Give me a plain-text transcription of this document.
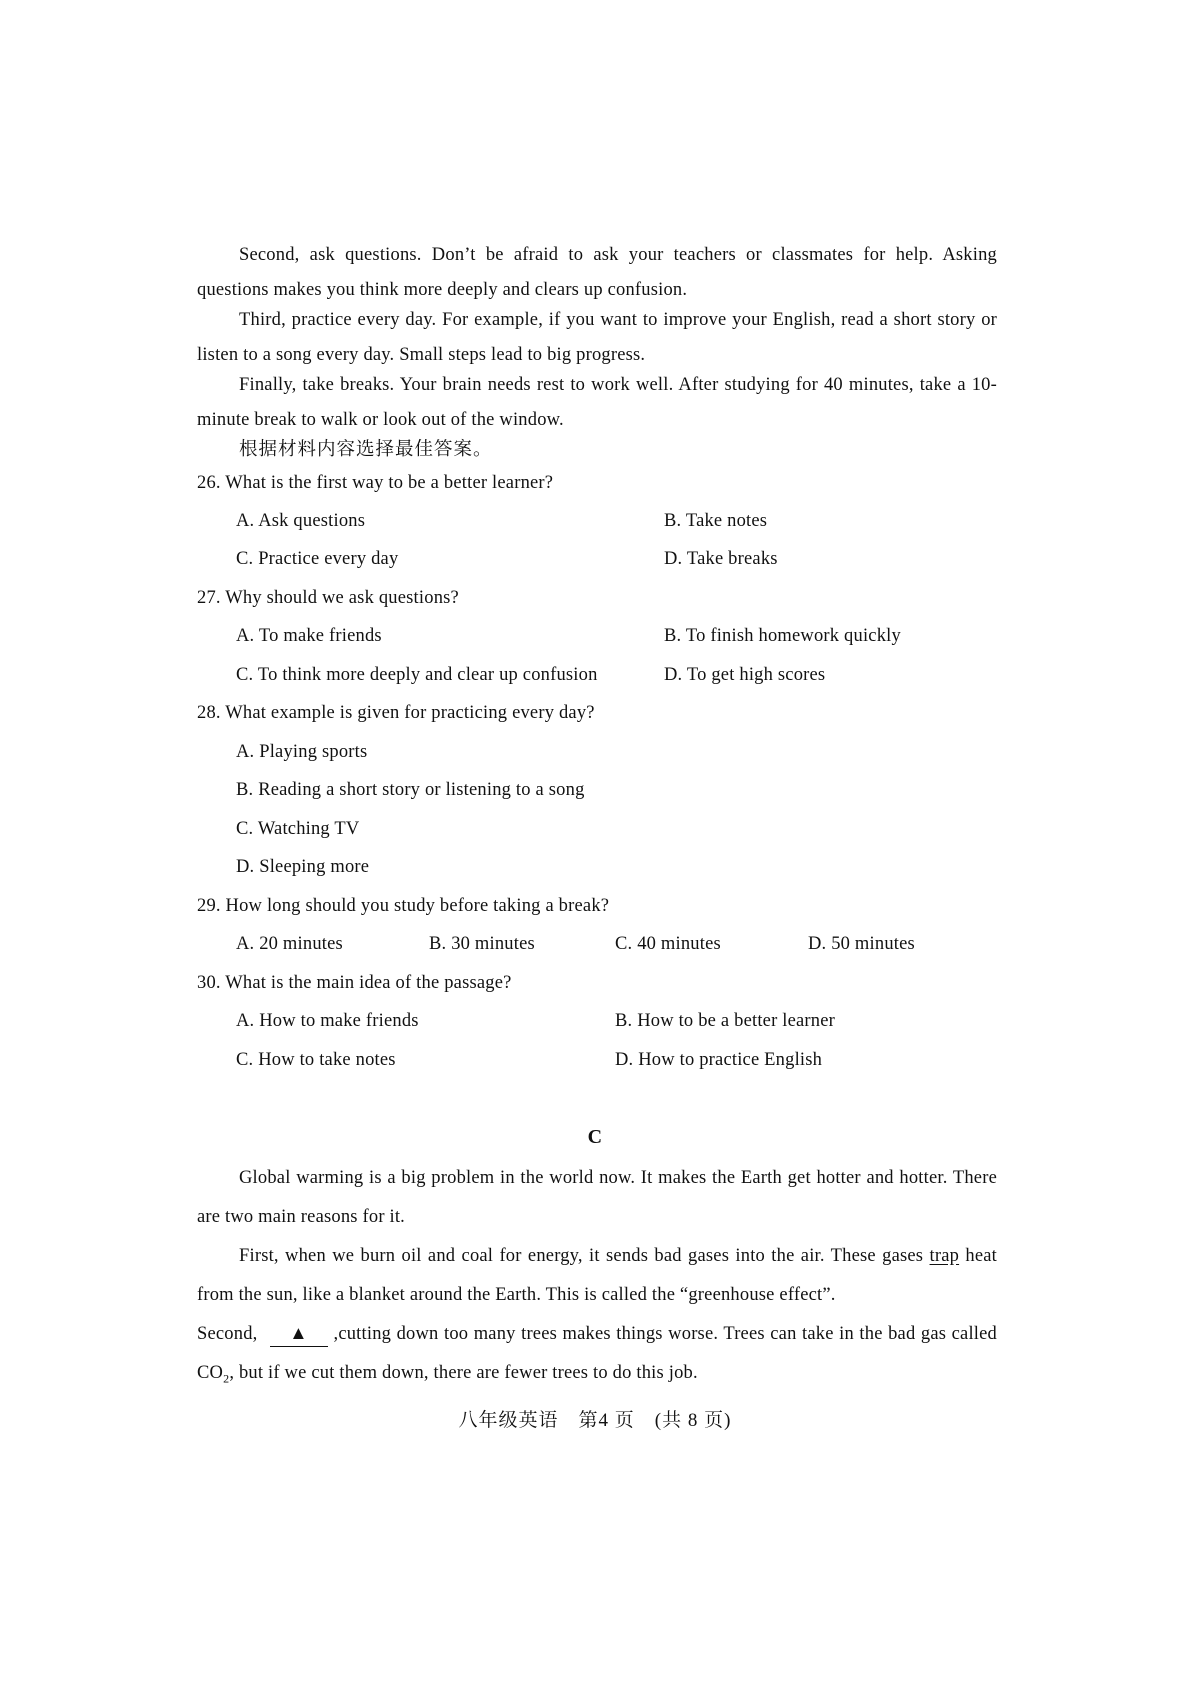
Second, ask questions. Don’t be afraid to ask your teachers or classmates for help. Asking questions makes you think more deeply and clears up confusion.
Third, practice every day. For example, if you want to improve your English, read a short story or listen to a song every day. Small steps lead to big progress.
Finally, take breaks. Your brain needs rest to work well. After studying for 40 minutes, take a 10-minute break to walk or look out of the window.
根据材料内容选择最佳答案。
26. What is the first way to be a better learner?
A. Ask questions	B. Take notes
C. Practice every day	D. Take breaks
27. Why should we ask questions?
A. To make friends	B. To finish homework quickly
C. To think more deeply and clear up confusion	D. To get high scores
28. What example is given for practicing every day?
A. Playing sports
B. Reading a short story or listening to a song
C. Watching TV
D. Sleeping more
29. How long should you study before taking a break?
A. 20 minutes	B. 30 minutes	C. 40 minutes	D. 50 minutes
30. What is the main idea of the passage?
A. How to make friends	B. How to be a better learner
C. How to take notes	D. How to practice English
C
Global warming is a big problem in the world now. It makes the Earth get hotter and hotter. There are two main reasons for it.
First, when we burn oil and coal for energy, it sends bad gases into the air. These gases trap heat from the sun, like a blanket around the Earth. This is called the “greenhouse effect”.
Second, ▲ ,cutting down too many trees makes things worse. Trees can take in the bad gas called $CO_2$, but if we cut them down, there are fewer trees to do this job.
八年级英语　第4 页　(共 8 页)
